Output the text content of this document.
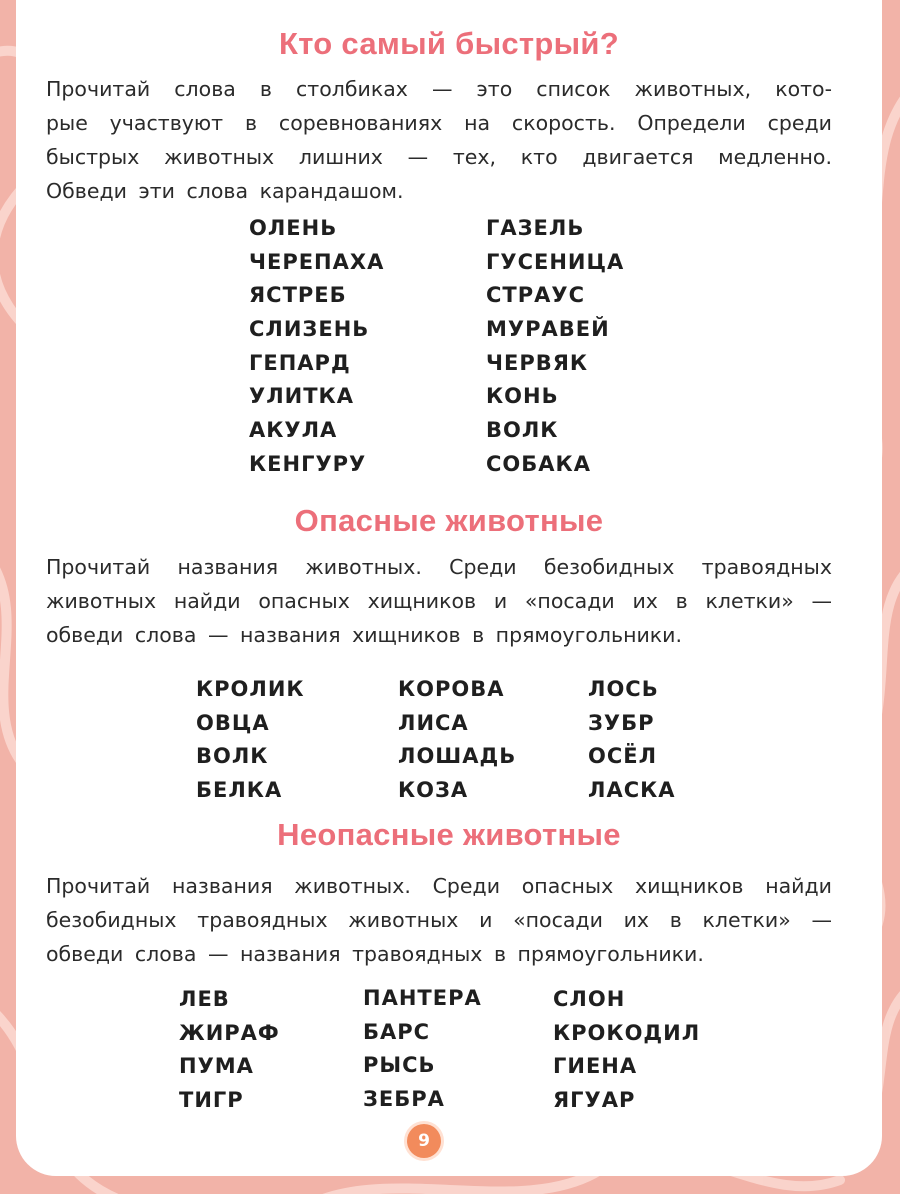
Кто самый быстрый?
Прочитай слова в столбиках — это список животных, кото-
рые участвуют в соревнованиях на скорость. Определи среди
быстрых животных лишних — тех, кто двигается медленно.
Обведи эти слова карандашом.
ОЛЕНЬ
ЧЕРЕПАХА
ЯСТРЕБ
СЛИЗЕНЬ
ГЕПАРД
УЛИТКА
АКУЛА
КЕНГУРУ
ГАЗЕЛЬ
ГУСЕНИЦА
СТРАУС
МУРАВЕЙ
ЧЕРВЯК
КОНЬ
ВОЛК
СОБАКА
Опасные животные
Прочитай названия животных. Среди безобидных травоядных
животных найди опасных хищников и «посади их в клетки» —
обведи слова — названия хищников в прямоугольники.
КРОЛИК
ОВЦА
ВОЛК
БЕЛКА
КОРОВА
ЛИСА
ЛОШАДЬ
КОЗА
ЛОСЬ
ЗУБР
ОСЁЛ
ЛАСКА
Неопасные животные
Прочитай названия животных. Среди опасных хищников найди
безобидных травоядных животных и «посади их в клетки» —
обведи слова — названия травоядных в прямоугольники.
ЛЕВ
ЖИРАФ
ПУМА
ТИГР
ПАНТЕРА
БАРС
РЫСЬ
ЗЕБРА
СЛОН
КРОКОДИЛ
ГИЕНА
ЯГУАР
9
